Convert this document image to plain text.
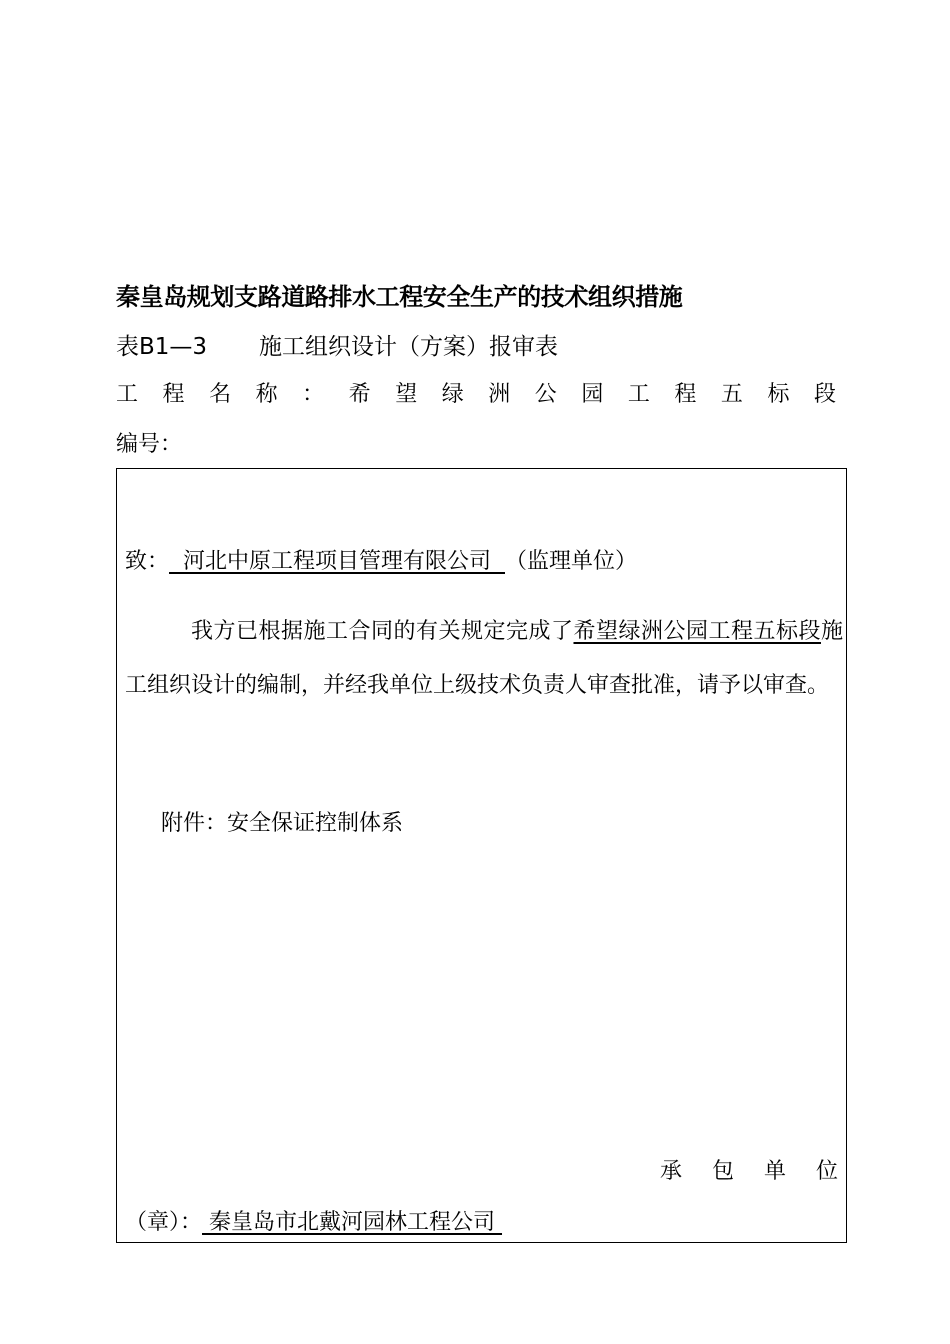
秦皇岛规划支路道路排水工程安全生产的技术组织措施
表B1—3 施工组织设计（方案）报审表
工 程 名 称 ： 希 望 绿 洲 公 园 工 程 五 标 段
编号：
致：  河北中原工程项目管理有限公司  （监理单位）
我方已根据施工合同的有关规定完成了希望绿洲公园工程五标段施工组织设计的编制，并经我单位上级技术负责人审查批准，请予以审查。
附件：安全保证控制体系
承 包 单 位
（章）： 秦皇岛市北戴河园林工程公司
